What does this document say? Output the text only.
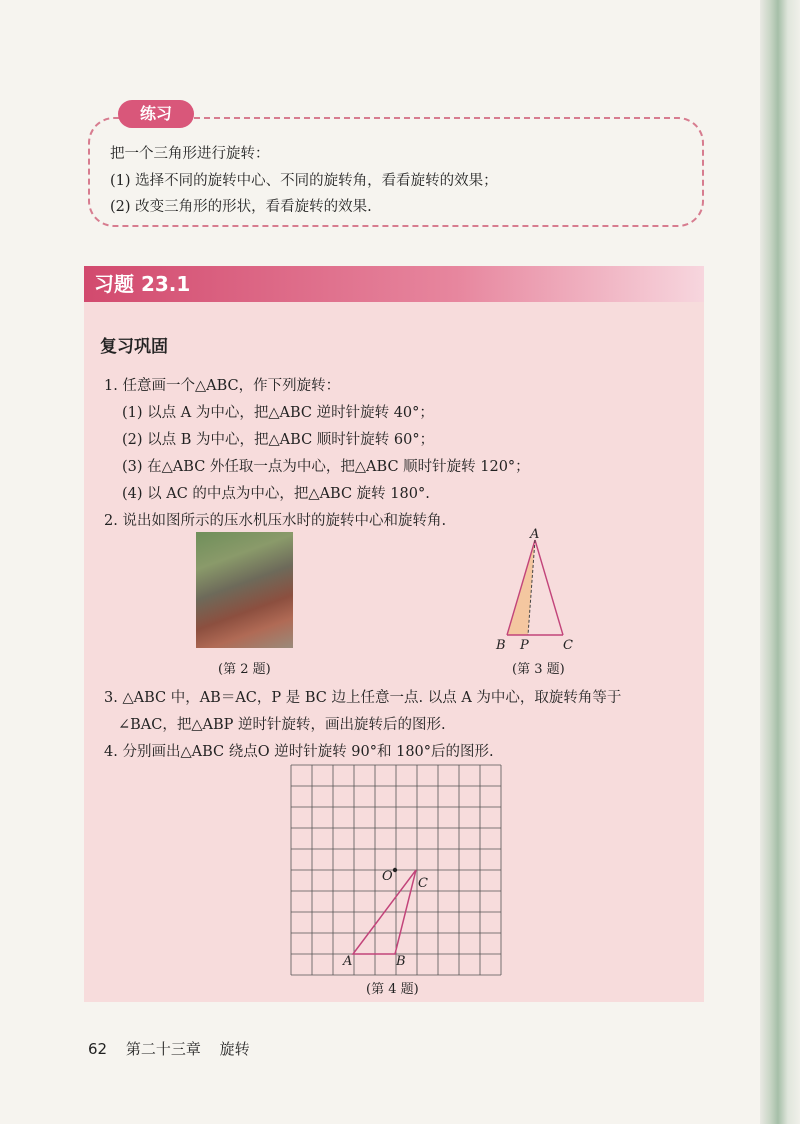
练习
把一个三角形进行旋转：
(1) 选择不同的旋转中心、不同的旋转角，看看旋转的效果；
(2) 改变三角形的形状，看看旋转的效果.
习题 23.1
复习巩固
1. 任意画一个△ABC，作下列旋转：
(1) 以点 A 为中心，把△ABC 逆时针旋转 40°；
(2) 以点 B 为中心，把△ABC 顺时针旋转 60°；
(3) 在△ABC 外任取一点为中心，把△ABC 顺时针旋转 120°；
(4) 以 AC 的中点为中心，把△ABC 旋转 180°.
2. 说出如图所示的压水机压水时的旋转中心和旋转角.
(第 2 题)
A
B P	C
(第 3 题)
3. △ABC 中，AB＝AC，P 是 BC 边上任意一点. 以点 A 为中心，取旋转角等于
∠BAC，把△ABP 逆时针旋转，画出旋转后的图形.
4. 分别画出△ABC 绕点O 逆时针旋转 90°和 180°后的图形.
O C
A	B
(第 4 题)
62 第二十三章 旋转
